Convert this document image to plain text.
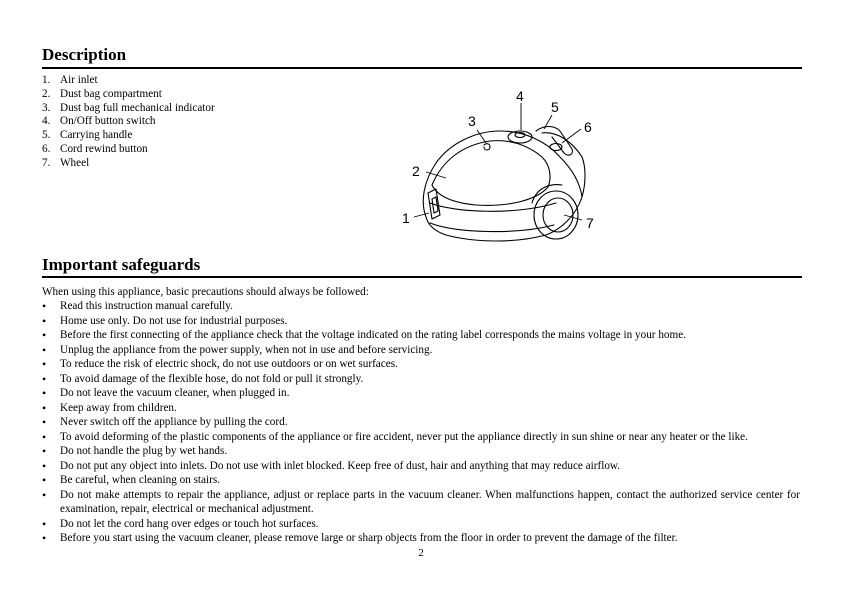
Description
1. Air inlet
2. Dust bag compartment
3. Dust bag full mechanical indicator
4. On/Off button switch
5. Carrying handle
6. Cord rewind button
7. Wheel
1
2
3
4
5
6
7
Important safeguards
When using this appliance, basic precautions should always be followed:
• Read this instruction manual carefully.
• Home use only. Do not use for industrial purposes.
• Before the first connecting of the appliance check that the voltage indicated on the rating label corresponds the mains voltage in your home.
• Unplug the appliance from the power supply, when not in use and before servicing.
• To reduce the risk of electric shock, do not use outdoors or on wet surfaces.
• To avoid damage of the flexible hose, do not fold or pull it strongly.
• Do not leave the vacuum cleaner, when plugged in.
• Keep away from children.
• Never switch off the appliance by pulling the cord.
• To avoid deforming of the plastic components of the appliance or fire accident, never put the appliance directly in sun shine or near any heater or the like.
• Do not handle the plug by wet hands.
• Do not put any object into inlets. Do not use with inlet blocked. Keep free of dust, hair and anything that may reduce airflow.
• Be careful, when cleaning on stairs.
• Do not make attempts to repair the appliance, adjust or replace parts in the vacuum cleaner. When malfunctions happen, contact the authorized service center for examination, repair, electrical or mechanical adjustment.
• Do not let the cord hang over edges or touch hot surfaces.
• Before you start using the vacuum cleaner, please remove large or sharp objects from the floor in order to prevent the damage of the filter.
2
